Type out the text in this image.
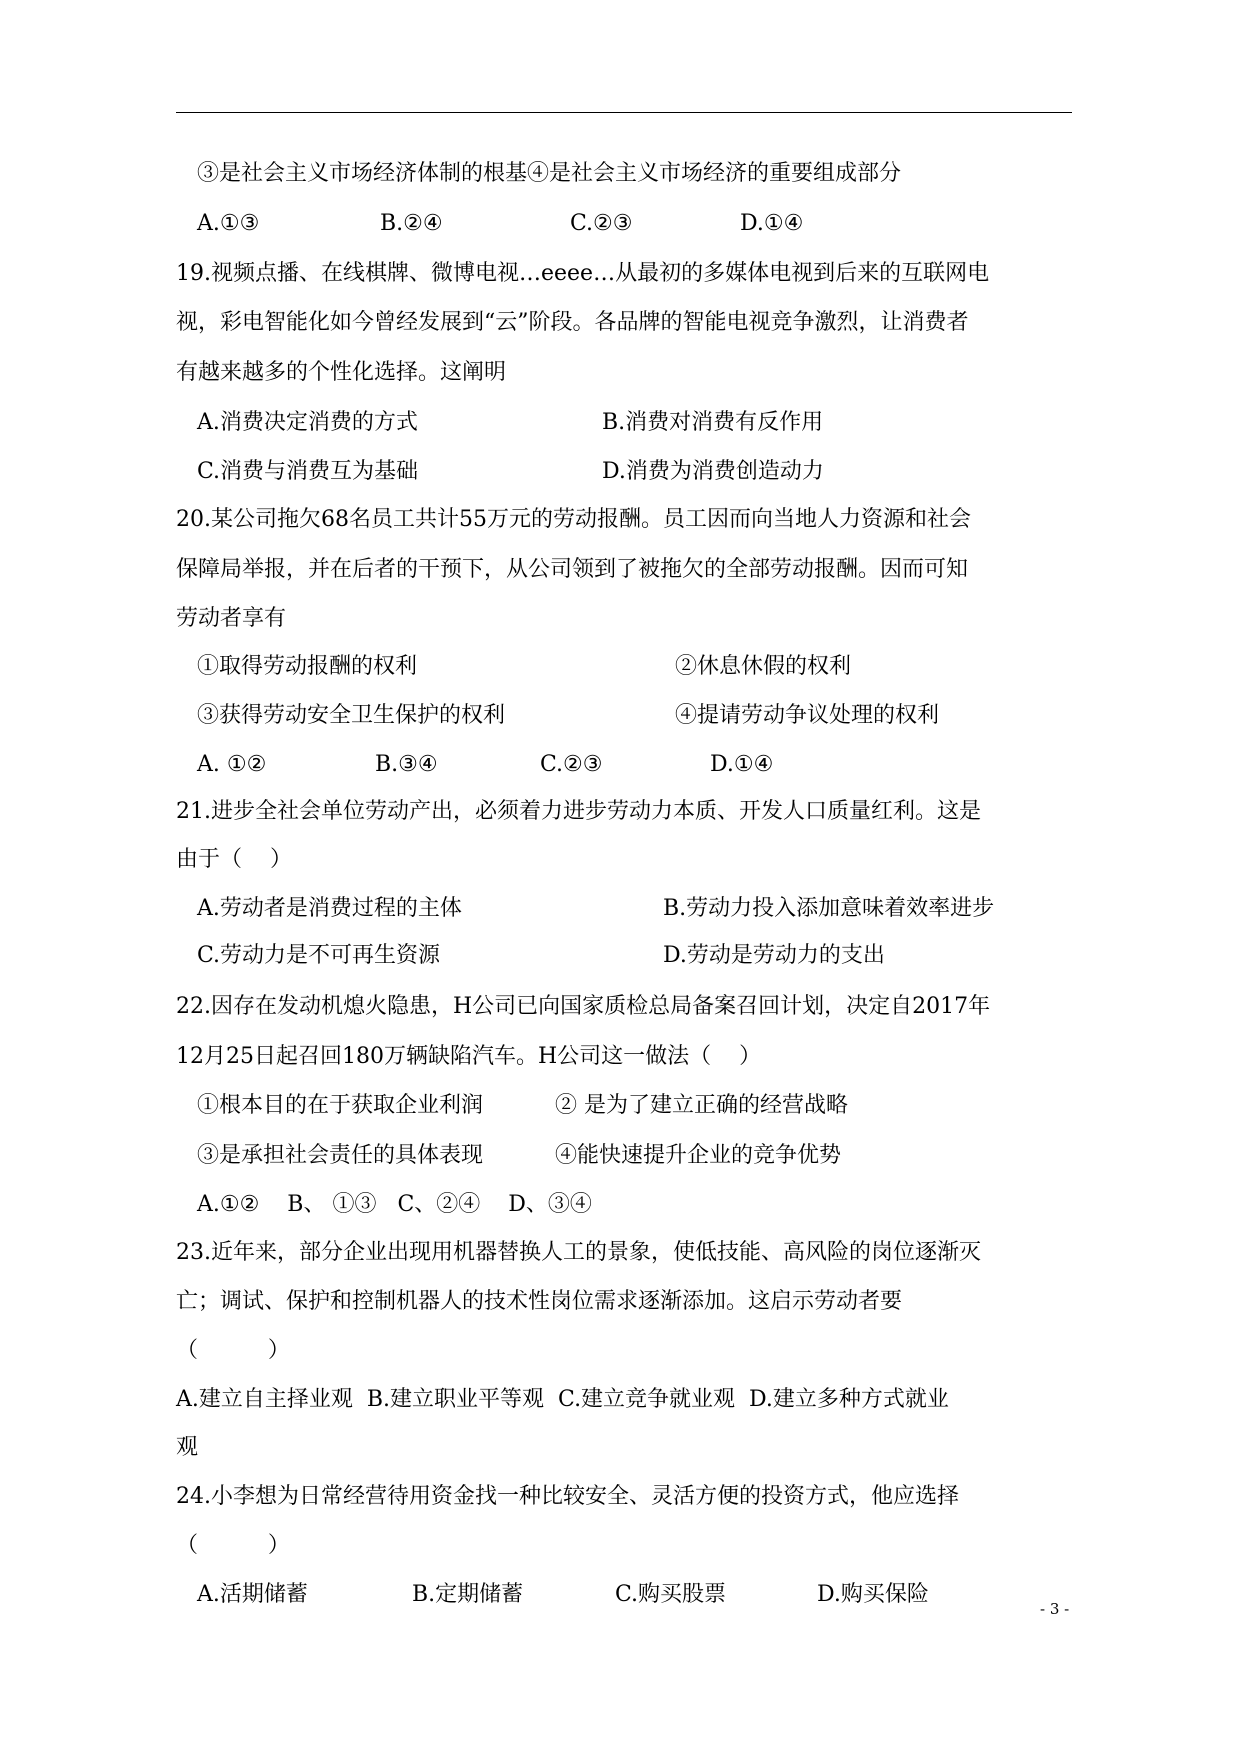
③是社会主义市场经济体制的根基④是社会主义市场经济的重要组成部分
A.①③	B.②④	C.②③	D.①④
19.视频点播、在线棋牌、微博电视…eeee…从最初的多媒体电视到后来的互联网电
视，彩电智能化如今曾经发展到“云”阶段。各品牌的智能电视竞争激烈，让消费者
有越来越多的个性化选择。这阐明
A.消费决定消费的方式	B.消费对消费有反作用
C.消费与消费互为基础	D.消费为消费创造动力
20.某公司拖欠68名员工共计55万元的劳动报酬。员工因而向当地人力资源和社会
保障局举报，并在后者的干预下，从公司领到了被拖欠的全部劳动报酬。因而可知
劳动者享有
①取得劳动报酬的权利	②休息休假的权利
③获得劳动安全卫生保护的权利	④提请劳动争议处理的权利
A. ①②	B.③④	C.②③	D.①④
21.进步全社会单位劳动产出，必须着力进步劳动力本质、开发人口质量红利。这是
由于（    ）
A.劳动者是消费过程的主体	B.劳动力投入添加意味着效率进步
C.劳动力是不可再生资源	D.劳动是劳动力的支出
22.因存在发动机熄火隐患，H公司已向国家质检总局备案召回计划，决定自2017年
12月25日起召回180万辆缺陷汽车。H公司这一做法（    ）
①根本目的在于获取企业利润	② 是为了建立正确的经营战略
③是承担社会责任的具体表现	④能快速提升企业的竞争优势
A.①②    B、 ①③   C、②④    D、③④
23.近年来，部分企业出现用机器替换人工的景象，使低技能、高风险的岗位逐渐灭
亡；调试、保护和控制机器人的技术性岗位需求逐渐添加。这启示劳动者要
（          ）
A.建立自主择业观  B.建立职业平等观  C.建立竞争就业观  D.建立多种方式就业
观
24.小李想为日常经营待用资金找一种比较安全、灵活方便的投资方式，他应选择
（          ）
A.活期储蓄	B.定期储蓄	C.购买股票	D.购买保险
- 3 -
